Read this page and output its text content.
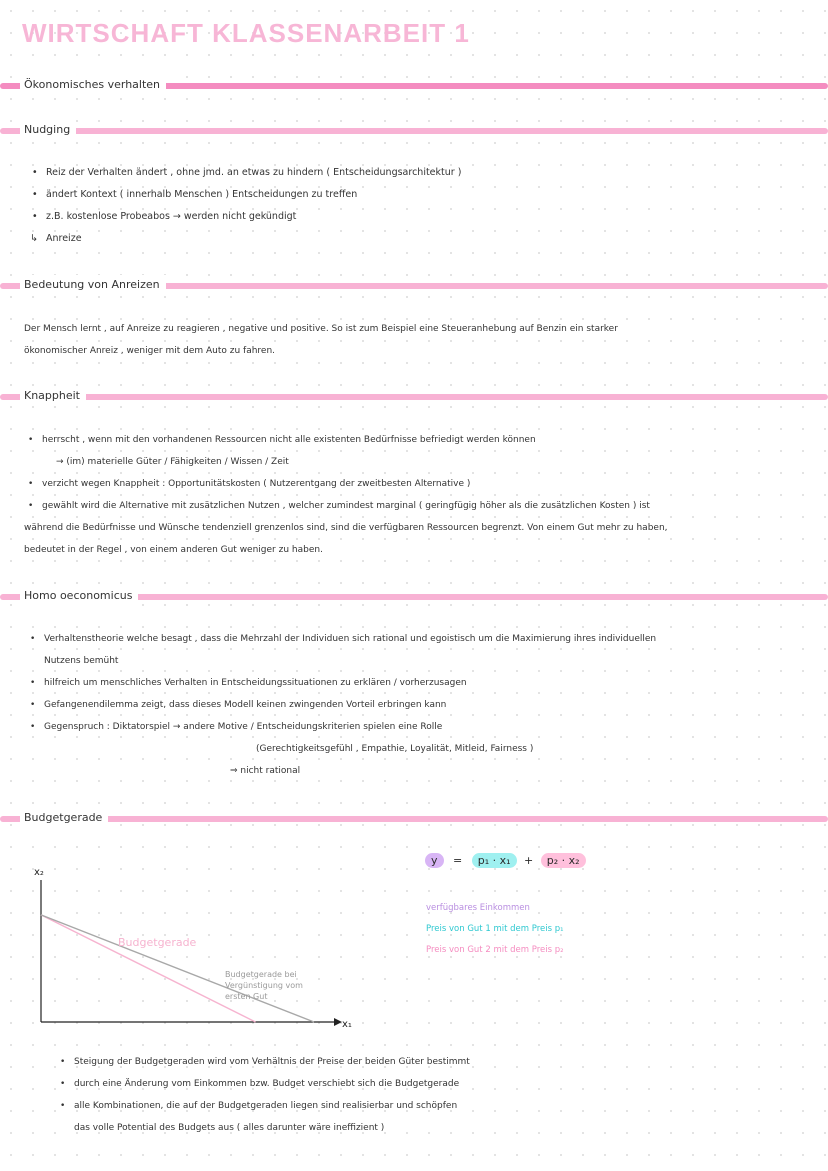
WIRTSCHAFT KLASSENARBEIT 1
Ökonomisches verhalten
Nudging
• Reiz der Verhalten ändert , ohne jmd. an etwas zu hindern ( Entscheidungsarchitektur )
• ändert Kontext ( innerhalb Menschen ) Entscheidungen zu treffen
• z.B. kostenlose Probeabos → werden nicht gekündigt
↳ Anreize
Bedeutung von Anreizen
Der Mensch lernt , auf Anreize zu reagieren , negative und positive. So ist zum Beispiel eine Steueranhebung auf Benzin ein starker
ökonomischer Anreiz , weniger mit dem Auto zu fahren.
Knappheit
• herrscht , wenn mit den vorhandenen Ressourcen nicht alle existenten Bedürfnisse befriedigt werden können
→ (im) materielle Güter / Fähigkeiten / Wissen / Zeit
• verzicht wegen Knappheit : Opportunitätskosten ( Nutzerentgang der zweitbesten Alternative )
• gewählt wird die Alternative mit zusätzlichen Nutzen , welcher zumindest marginal ( geringfügig höher als die zusätzlichen Kosten ) ist
während die Bedürfnisse und Wünsche tendenziell grenzenlos sind, sind die verfügbaren Ressourcen begrenzt. Von einem Gut mehr zu haben,
bedeutet in der Regel , von einem anderen Gut weniger zu haben.
Homo oeconomicus
• Verhaltenstheorie welche besagt , dass die Mehrzahl der Individuen sich rational und egoistisch um die Maximierung ihres individuellen
Nutzens bemüht
• hilfreich um menschliches Verhalten in Entscheidungssituationen zu erklären / vorherzusagen
• Gefangenendilemma zeigt, dass dieses Modell keinen zwingenden Vorteil erbringen kann
• Gegenspruch : Diktatorspiel → andere Motive / Entscheidungskriterien spielen eine Rolle
(Gerechtigkeitsgefühl , Empathie, Loyalität, Mitleid, Fairness )
⇒ nicht rational
Budgetgerade
x₂
x₁
Budgetgerade
Budgetgerade bei
Vergünstigung vom
ersten Gut
y = p₁ · x₁ + p₂ · x₂
verfügbares Einkommen
Preis von Gut 1 mit dem Preis p₁
Preis von Gut 2 mit dem Preis p₂
• Steigung der Budgetgeraden wird vom Verhältnis der Preise der beiden Güter bestimmt
• durch eine Änderung vom Einkommen bzw. Budget verschiebt sich die Budgetgerade
• alle Kombinationen, die auf der Budgetgeraden liegen sind realisierbar und schöpfen
das volle Potential des Budgets aus ( alles darunter wäre ineffizient )
